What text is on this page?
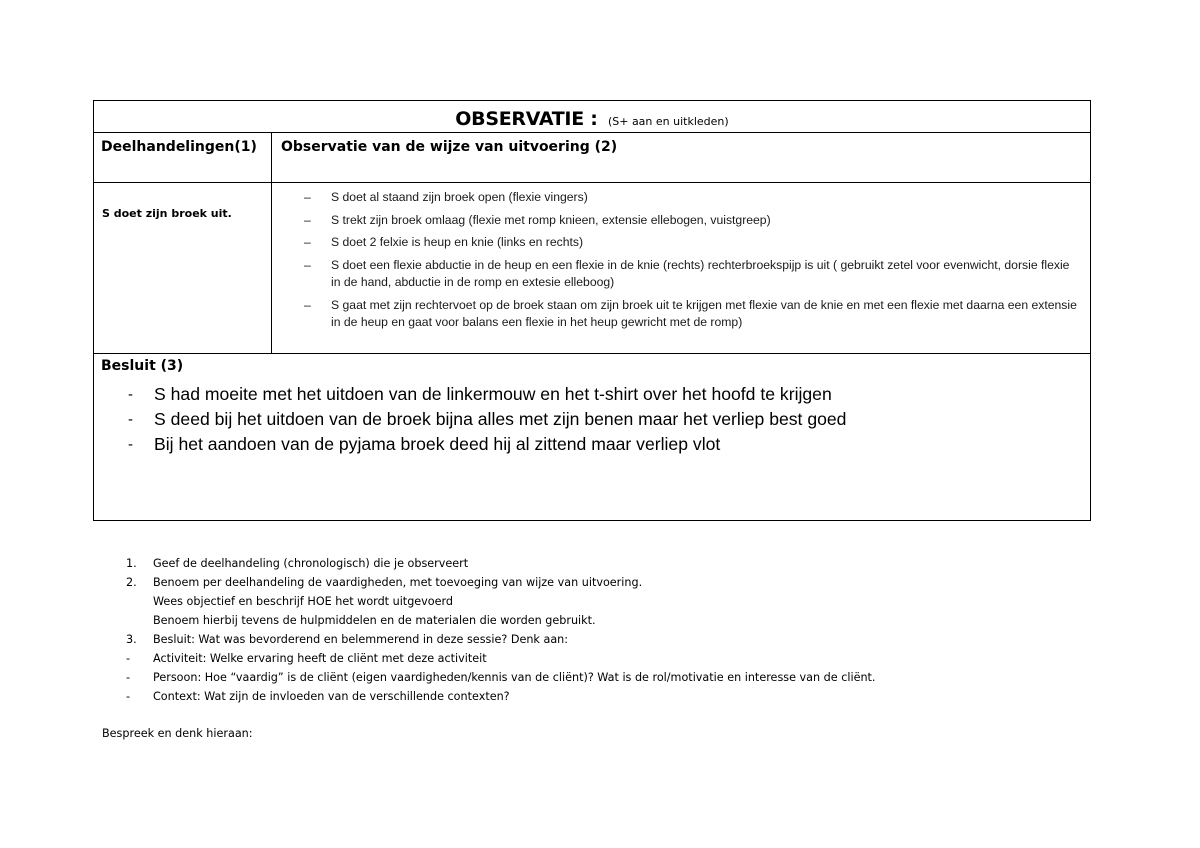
OBSERVATIE : $_{(S+ aan en uitkleden)}$
Deelhandelingen(1)	Observatie van de wijze van uitvoering (2)
S doet zijn broek uit.
– S doet al staand zijn broek open (flexie vingers)
– S trekt zijn broek omlaag (flexie met romp knieen, extensie ellebogen, vuistgreep)
– S doet 2 felxie is heup en knie (links en rechts)
– S doet een flexie abductie in de heup en een flexie in de knie (rechts) rechterbroekspijp is uit ( gebruikt zetel voor evenwicht, dorsie flexie in de hand, abductie in de romp en extesie elleboog)
– S gaat met zijn rechtervoet op de broek staan om zijn broek uit te krijgen met flexie van de knie en met een flexie met daarna een extensie in de heup en gaat voor balans een flexie in het heup gewricht met de romp)
Besluit (3)
- S had moeite met het uitdoen van de linkermouw en het t-shirt over het hoofd te krijgen
- S deed bij het uitdoen van de broek bijna alles met zijn benen maar het verliep best goed
- Bij het aandoen van de pyjama broek deed hij al zittend maar verliep vlot
1. Geef de deelhandeling (chronologisch) die je observeert
2. Benoem per deelhandeling de vaardigheden, met toevoeging van wijze van uitvoering.
Wees objectief en beschrijf HOE het wordt uitgevoerd
Benoem hierbij tevens de hulpmiddelen en de materialen die worden gebruikt.
3. Besluit: Wat was bevorderend en belemmerend in deze sessie? Denk aan:
- Activiteit: Welke ervaring heeft de cliënt met deze activiteit
- Persoon: Hoe “vaardig” is de cliënt (eigen vaardigheden/kennis van de cliënt)? Wat is de rol/motivatie en interesse van de cliënt.
- Context: Wat zijn de invloeden van de verschillende contexten?
Bespreek en denk hieraan:
